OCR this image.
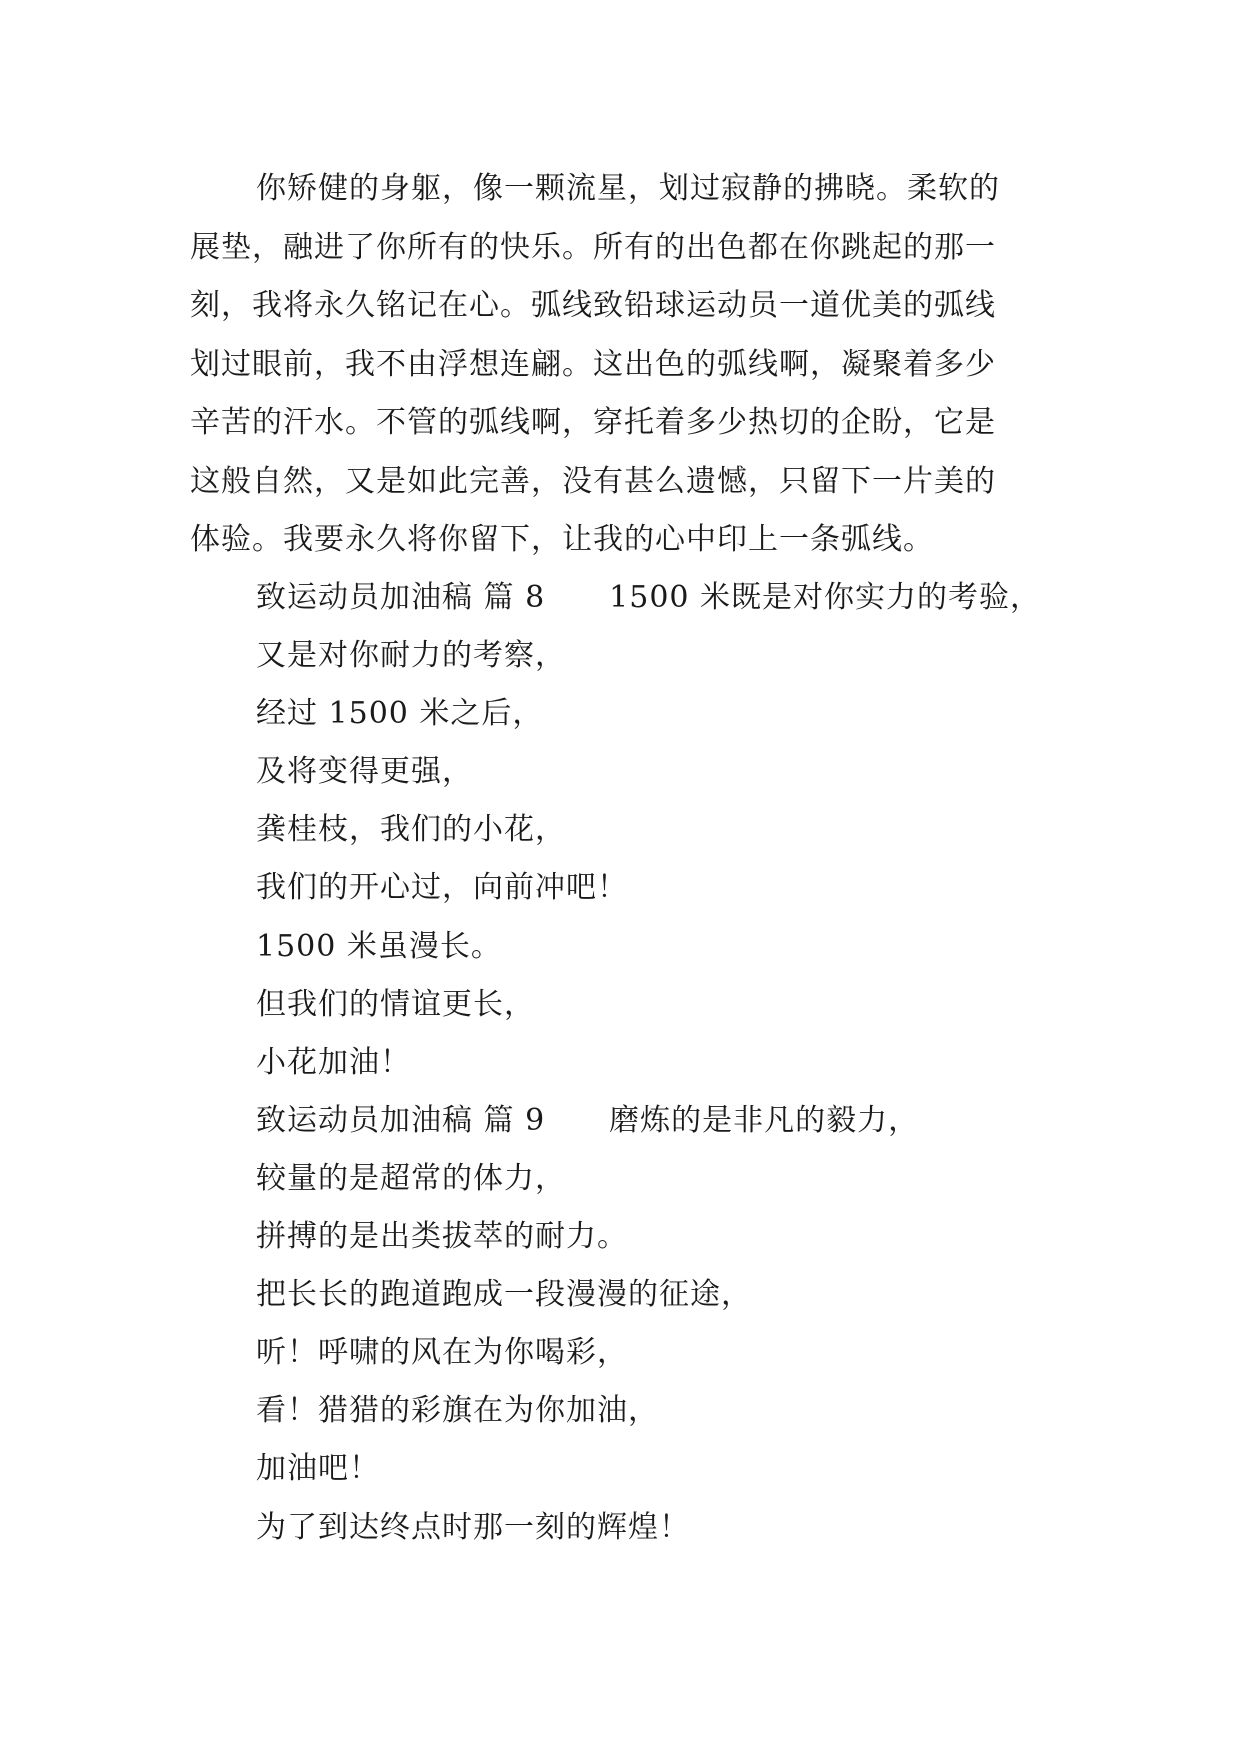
你矫健的身躯，像一颗流星，划过寂静的拂晓。柔软的
展垫，融进了你所有的快乐。所有的出色都在你跳起的那一
刻，我将永久铭记在心。弧线致铅球运动员一道优美的弧线
划过眼前，我不由浮想连翩。这出色的弧线啊，凝聚着多少
辛苦的汗水。不管的弧线啊，穿托着多少热切的企盼，它是
这般自然，又是如此完善，没有甚么遗憾，只留下一片美的
体验。我要永久将你留下，让我的心中印上一条弧线。

致运动员加油稿 篇 8 1500 米既是对你实力的考验，
又是对你耐力的考察，
经过 1500 米之后，
及将变得更强，
龚桂枝，我们的小花，
我们的开心过，向前冲吧！
1500 米虽漫长。
但我们的情谊更长，
小花加油！
致运动员加油稿 篇 9 磨炼的是非凡的毅力，
较量的是超常的体力，
拼搏的是出类拔萃的耐力。
把长长的跑道跑成一段漫漫的征途，
听！呼啸的风在为你喝彩，
看！猎猎的彩旗在为你加油，
加油吧！
为了到达终点时那一刻的辉煌！
